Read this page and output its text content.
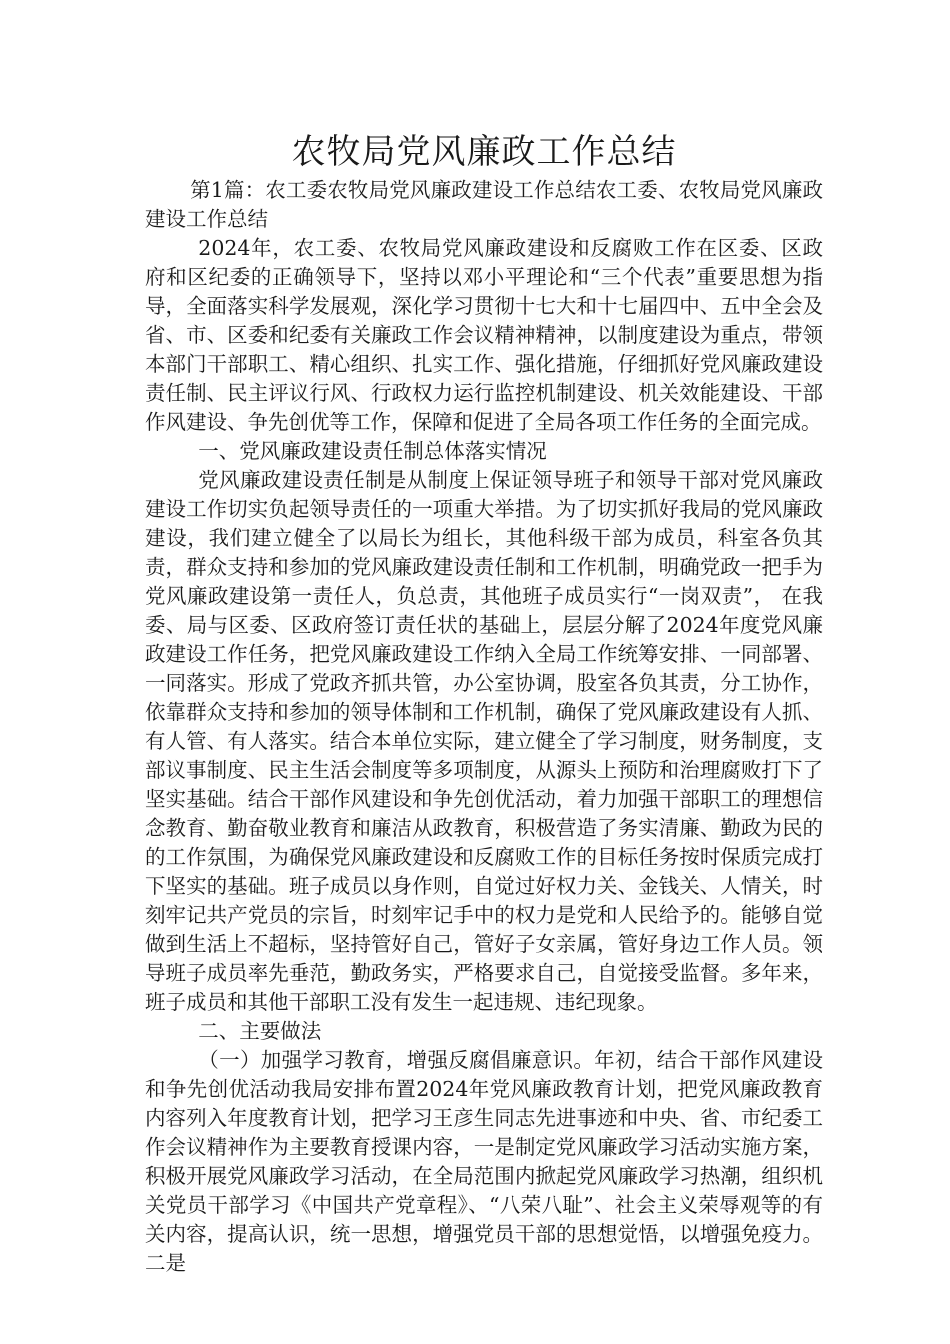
农牧局党风廉政工作总结

第1篇：农工委农牧局党风廉政建设工作总结农工委、农牧局党风廉政建设工作总结

2024年，农工委、农牧局党风廉政建设和反腐败工作在区委、区政府和区纪委的正确领导下，坚持以邓小平理论和“三个代表”重要思想为指导，全面落实科学发展观，深化学习贯彻十七大和十七届四中、五中全会及省、市、区委和纪委有关廉政工作会议精神精神，以制度建设为重点，带领本部门干部职工、精心组织、扎实工作、强化措施，仔细抓好党风廉政建设责任制、民主评议行风、行政权力运行监控机制建设、机关效能建设、干部作风建设、争先创优等工作，保障和促进了全局各项工作任务的全面完成。

一、党风廉政建设责任制总体落实情况

党风廉政建设责任制是从制度上保证领导班子和领导干部对党风廉政建设工作切实负起领导责任的一项重大举措。为了切实抓好我局的党风廉政建设，我们建立健全了以局长为组长，其他科级干部为成员，科室各负其责，群众支持和参加的党风廉政建设责任制和工作机制，明确党政一把手为党风廉政建设第一责任人，负总责，其他班子成员实行“一岗双责”， 在我委、局与区委、区政府签订责任状的基础上，层层分解了2024年度党风廉政建设工作任务，把党风廉政建设工作纳入全局工作统筹安排、一同部署、一同落实。形成了党政齐抓共管，办公室协调，股室各负其责，分工协作，依靠群众支持和参加的领导体制和工作机制，确保了党风廉政建设有人抓、有人管、有人落实。结合本单位实际，建立健全了学习制度，财务制度，支部议事制度、民主生活会制度等多项制度，从源头上预防和治理腐败打下了坚实基础。结合干部作风建设和争先创优活动，着力加强干部职工的理想信念教育、勤奋敬业教育和廉洁从政教育，积极营造了务实清廉、勤政为民的的工作氛围，为确保党风廉政建设和反腐败工作的目标任务按时保质完成打下坚实的基础。班子成员以身作则，自觉过好权力关、金钱关、人情关，时刻牢记共产党员的宗旨，时刻牢记手中的权力是党和人民给予的。能够自觉做到生活上不超标，坚持管好自己，管好子女亲属，管好身边工作人员。领导班子成员率先垂范，勤政务实，严格要求自己，自觉接受监督。多年来，班子成员和其他干部职工没有发生一起违规、违纪现象。

二、主要做法

（一）加强学习教育，增强反腐倡廉意识。年初，结合干部作风建设和争先创优活动我局安排布置2024年党风廉政教育计划，把党风廉政教育内容列入年度教育计划，把学习王彦生同志先进事迹和中央、省、市纪委工作会议精神作为主要教育授课内容，一是制定党风廉政学习活动实施方案，积极开展党风廉政学习活动，在全局范围内掀起党风廉政学习热潮，组织机关党员干部学习《中国共产党章程》、“八荣八耻”、社会主义荣辱观等的有关内容，提高认识，统一思想，增强党员干部的思想觉悟，以增强免疫力。二是
